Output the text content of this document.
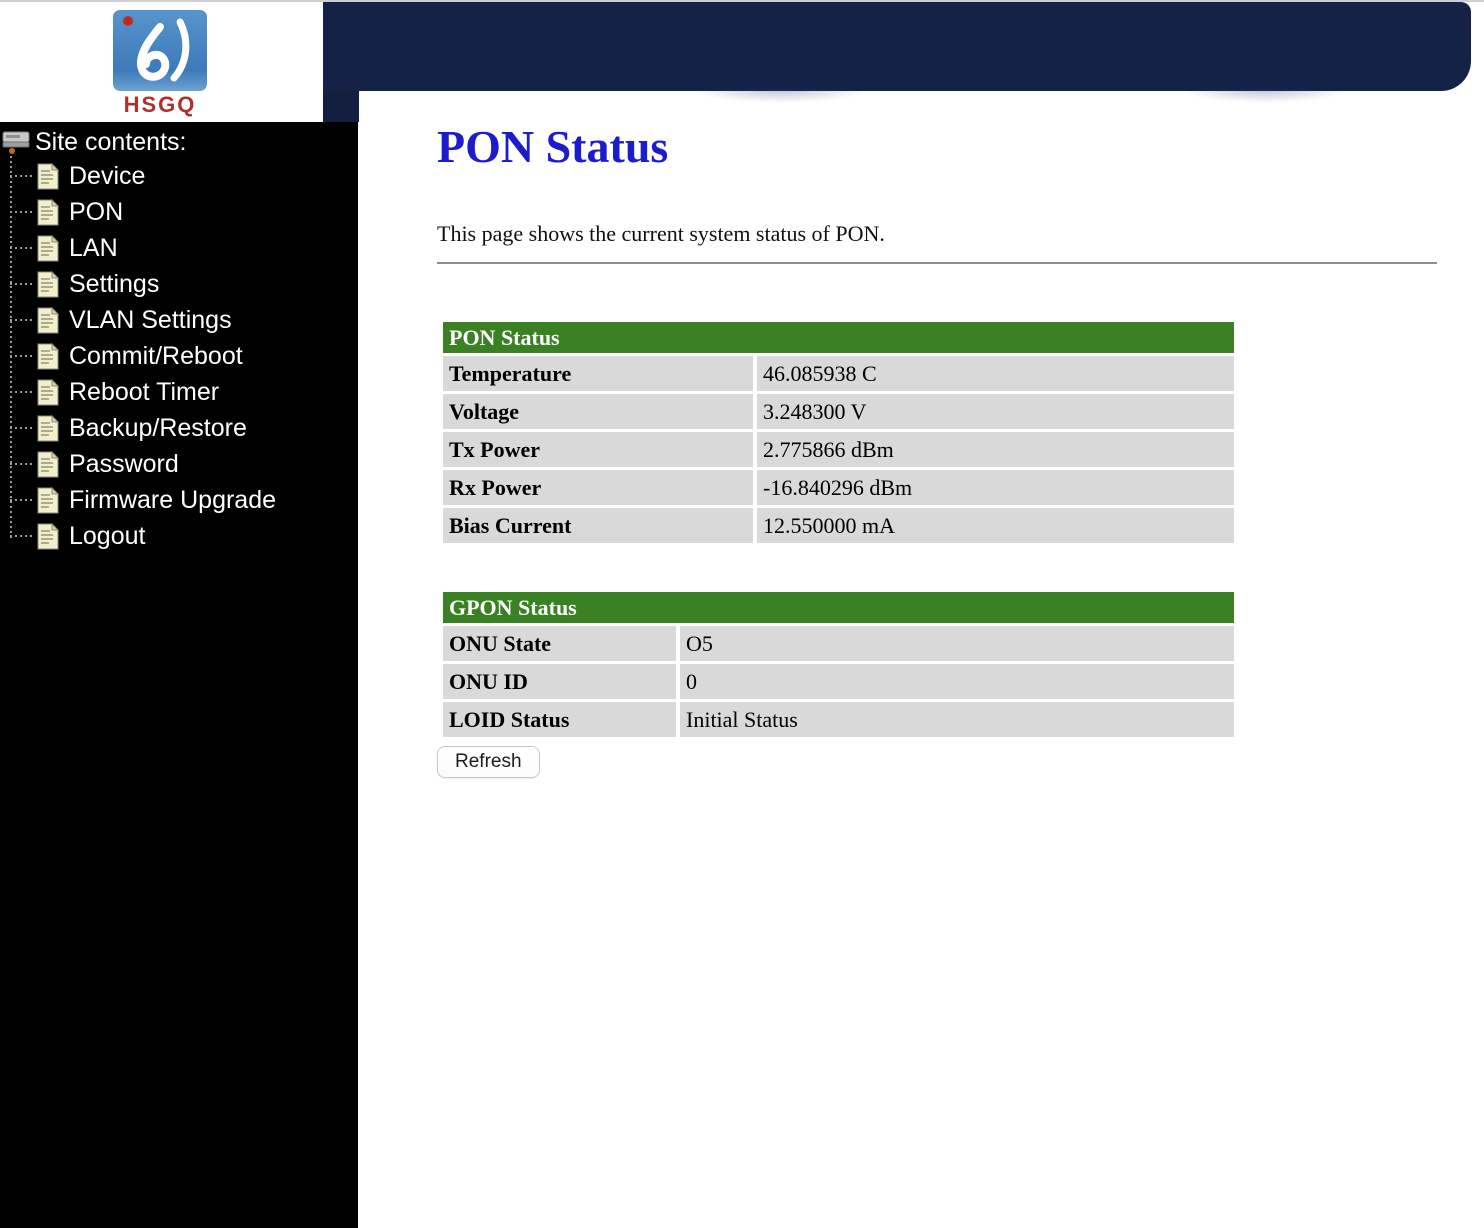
HSGQ
Site contents:
Device
PON
LAN
Settings
VLAN Settings
Commit/Reboot
Reboot Timer
Backup/Restore
Password
Firmware Upgrade
Logout
PON Status
This page shows the current system status of PON.
PON Status
Temperature	46.085938 C
Voltage	3.248300 V
Tx Power	2.775866 dBm
Rx Power	-16.840296 dBm
Bias Current	12.550000 mA
GPON Status
ONU State	O5
ONU ID	0
LOID Status	Initial Status
Refresh
